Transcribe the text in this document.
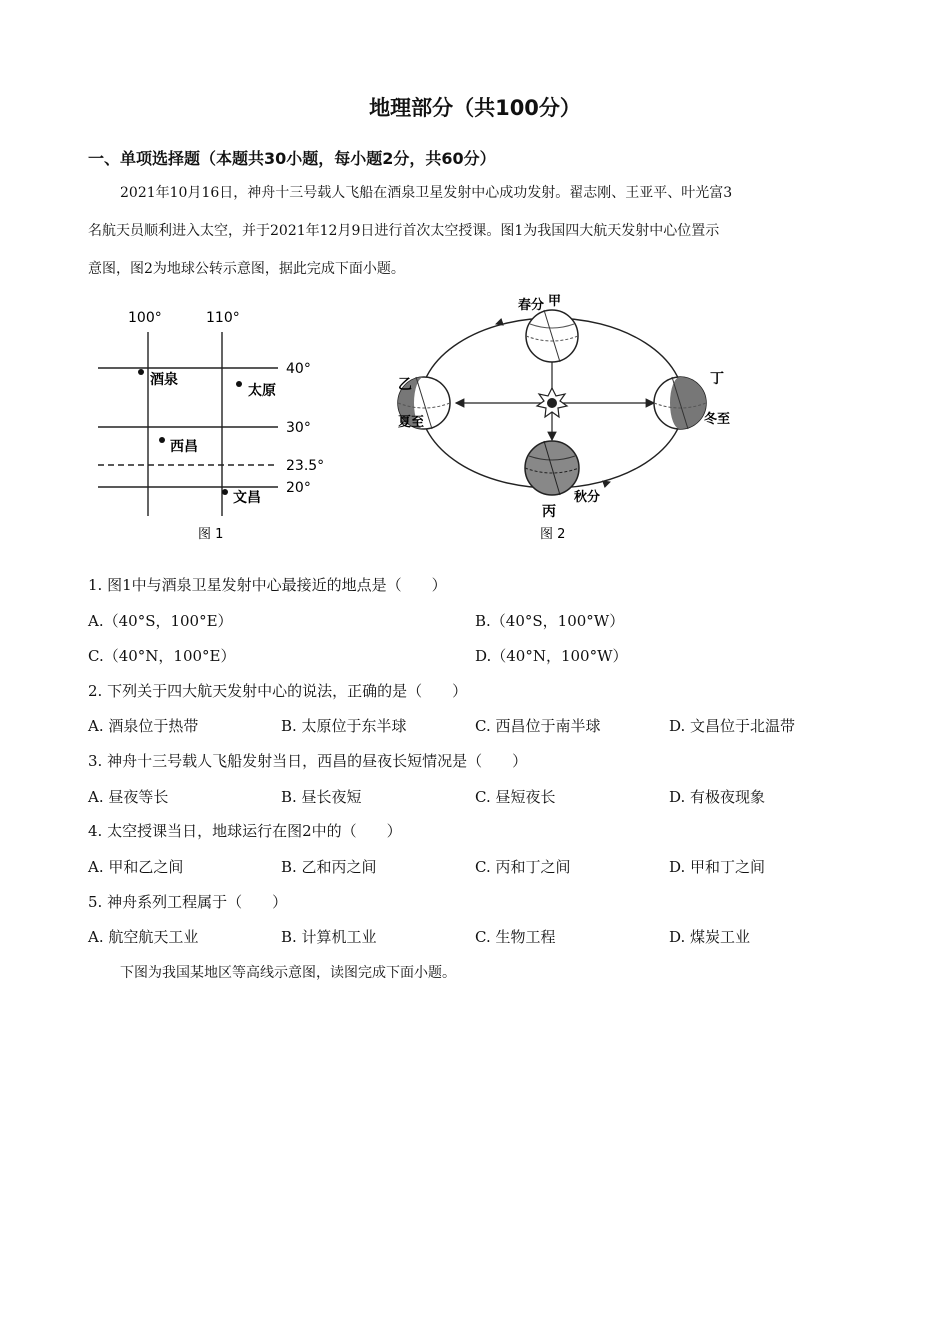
地理部分（共100分）
一、单项选择题（本题共30小题，每小题2分，共60分）
2021年10月16日，神舟十三号载人飞船在酒泉卫星发射中心成功发射。翟志刚、王亚平、叶光富3
名航天员顺利进入太空，并于2021年12月9日进行首次太空授课。图1为我国四大航天发射中心位置示
意图，图2为地球公转示意图，据此完成下面小题。
100°	110°
40°
30°
23.5°
20°
酒泉
太原
西昌
文昌
图 1
春分 甲
乙
夏至
丁
冬至
秋分
丙
图 2
1. 图1中与酒泉卫星发射中心最接近的地点是（　　）
A.（40°S，100°E）	B.（40°S，100°W）
C.（40°N，100°E）	D.（40°N，100°W）
2. 下列关于四大航天发射中心的说法，正确的是（　　）
A. 酒泉位于热带	B. 太原位于东半球	C. 西昌位于南半球	D. 文昌位于北温带
3. 神舟十三号载人飞船发射当日，西昌的昼夜长短情况是（　　）
A. 昼夜等长	B. 昼长夜短	C. 昼短夜长	D. 有极夜现象
4. 太空授课当日，地球运行在图2中的（　　）
A. 甲和乙之间	B. 乙和丙之间	C. 丙和丁之间	D. 甲和丁之间
5. 神舟系列工程属于（　　）
A. 航空航天工业	B. 计算机工业	C. 生物工程	D. 煤炭工业
下图为我国某地区等高线示意图，读图完成下面小题。
